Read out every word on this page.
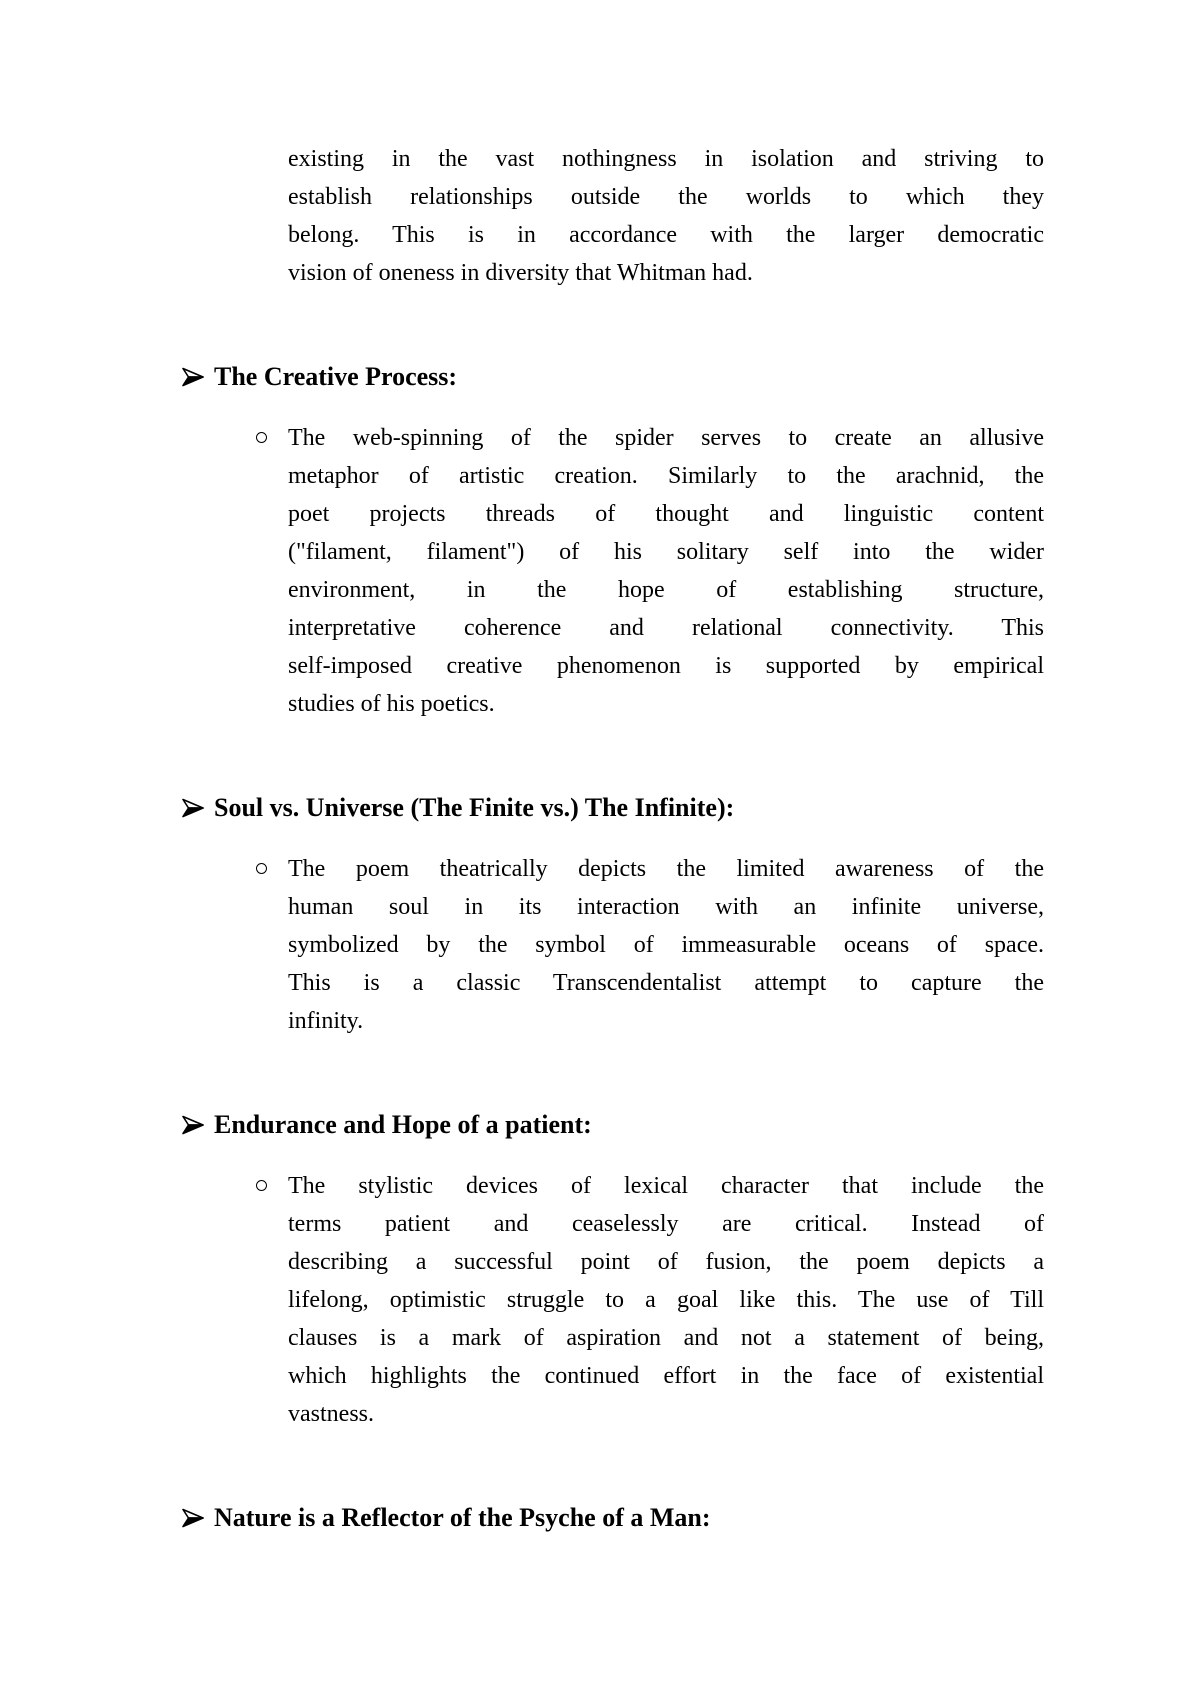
existing in the vast nothingness in isolation and striving to
establish relationships outside the worlds to which they
belong. This is in accordance with the larger democratic
vision of oneness in diversity that Whitman had.
The Creative Process:
The web-spinning of the spider serves to create an allusive
metaphor of artistic creation. Similarly to the arachnid, the
poet projects threads of thought and linguistic content
("filament, filament") of his solitary self into the wider
environment, in the hope of establishing structure,
interpretative coherence and relational connectivity. This
self-imposed creative phenomenon is supported by empirical
studies of his poetics.
Soul vs. Universe (The Finite vs.) The Infinite):
The poem theatrically depicts the limited awareness of the
human soul in its interaction with an infinite universe,
symbolized by the symbol of immeasurable oceans of space.
This is a classic Transcendentalist attempt to capture the
infinity.
Endurance and Hope of a patient:
The stylistic devices of lexical character that include the
terms patient and ceaselessly are critical. Instead of
describing a successful point of fusion, the poem depicts a
lifelong, optimistic struggle to a goal like this. The use of Till
clauses is a mark of aspiration and not a statement of being,
which highlights the continued effort in the face of existential
vastness.
Nature is a Reflector of the Psyche of a Man:
